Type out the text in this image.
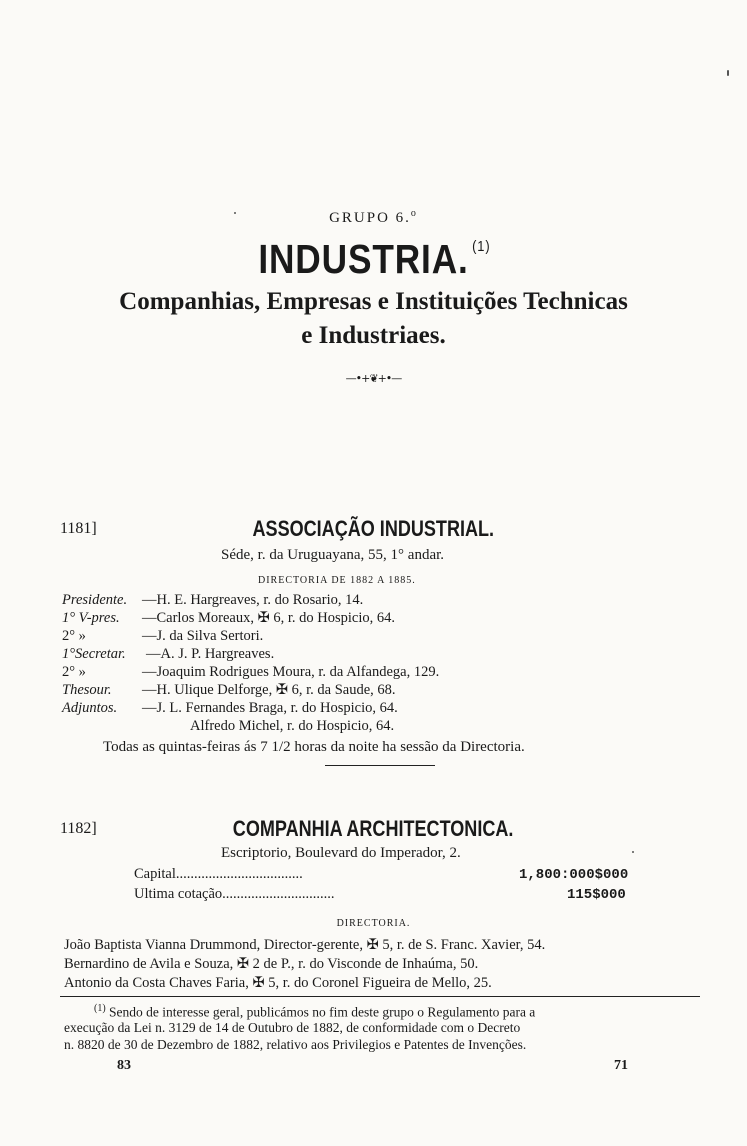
GRUPO 6.$^o$
INDUSTRIA. $^{(1)}$
Companhias, Empresas e Instituições Technicas
e Industriaes.
—•+❦+•—
1181]	ASSOCIAÇÃO INDUSTRIAL.
Séde, r. da Uruguayana, 55, 1° andar.
DIRECTORIA DE 1882 A 1885.
Presidente. —H. E. Hargreaves, r. do Rosario, 14.
1° V-pres. —Carlos Moreaux, ✠ 6, r. do Hospicio, 64.
2° »	—J. da Silva Sertori.
1°Secretar. —A. J. P. Hargreaves.
2° »	—Joaquim Rodrigues Moura, r. da Alfandega, 129.
Thesour. —H. Ulique Delforge, ✠ 6, r. da Saude, 68.
Adjuntos. —J. L. Fernandes Braga, r. do Hospicio, 64.
Alfredo Michel, r. do Hospicio, 64.
Todas as quintas-feiras ás 7 1/2 horas da noite ha sessão da Directoria.
1182]	COMPANHIA ARCHITECTONICA.
Escriptorio, Boulevard do Imperador, 2.
Capital...................................	1,800:000$000
Ultima cotação...............................	115$000
DIRECTORIA.
João Baptista Vianna Drummond, Director-gerente, ✠ 5, r. de S. Franc. Xavier, 54.
Bernardino de Avila e Souza, ✠ 2 de P., r. do Visconde de Inhaúma, 50.
Antonio da Costa Chaves Faria, ✠ 5, r. do Coronel Figueira de Mello, 25.
$^{(1)}$ Sendo de interesse geral, publicámos no fim deste grupo o Regulamento para a
execução da Lei n. 3129 de 14 de Outubro de 1882, de conformidade com o Decreto
n. 8820 de 30 de Dezembro de 1882, relativo aos Privilegios e Patentes de Invenções.
83	71
